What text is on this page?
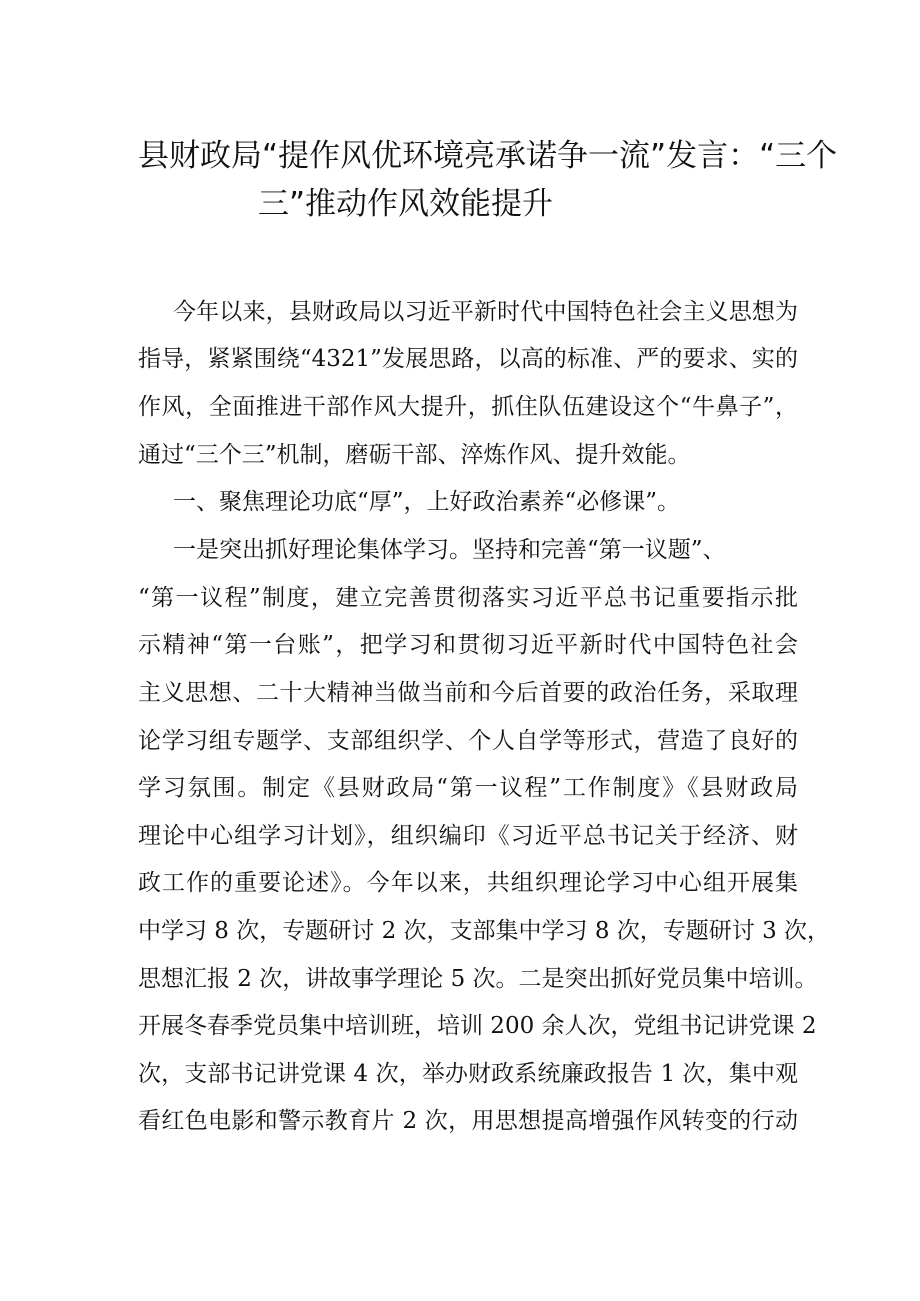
县财政局“提作风优环境亮承诺争一流”发言：“三个
三”推动作风效能提升

今年以来，县财政局以习近平新时代中国特色社会主义思想为

指导，紧紧围绕“4321”发展思路，以高的标准、严的要求、实的

作风，全面推进干部作风大提升，抓住队伍建设这个“牛鼻子”，

通过“三个三”机制，磨砺干部、淬炼作风、提升效能。

一、聚焦理论功底“厚”，上好政治素养“必修课”。

一是突出抓好理论集体学习。坚持和完善“第一议题”、

“第一议程”制度，建立完善贯彻落实习近平总书记重要指示批

示精神“第一台账”，把学习和贯彻习近平新时代中国特色社会

主义思想、二十大精神当做当前和今后首要的政治任务，采取理

论学习组专题学、支部组织学、个人自学等形式，营造了良好的

学习氛围。制定《县财政局“第一议程”工作制度》《县财政局

理论中心组学习计划》，组织编印《习近平总书记关于经济、财

政工作的重要论述》。今年以来，共组织理论学习中心组开展集

中学习 8 次，专题研讨 2 次，支部集中学习 8 次，专题研讨 3 次，

思想汇报 2 次，讲故事学理论 5 次。二是突出抓好党员集中培训。

开展冬春季党员集中培训班，培训 200 余人次，党组书记讲党课 2

次，支部书记讲党课 4 次，举办财政系统廉政报告 1 次，集中观

看红色电影和警示教育片 2 次，用思想提高增强作风转变的行动
